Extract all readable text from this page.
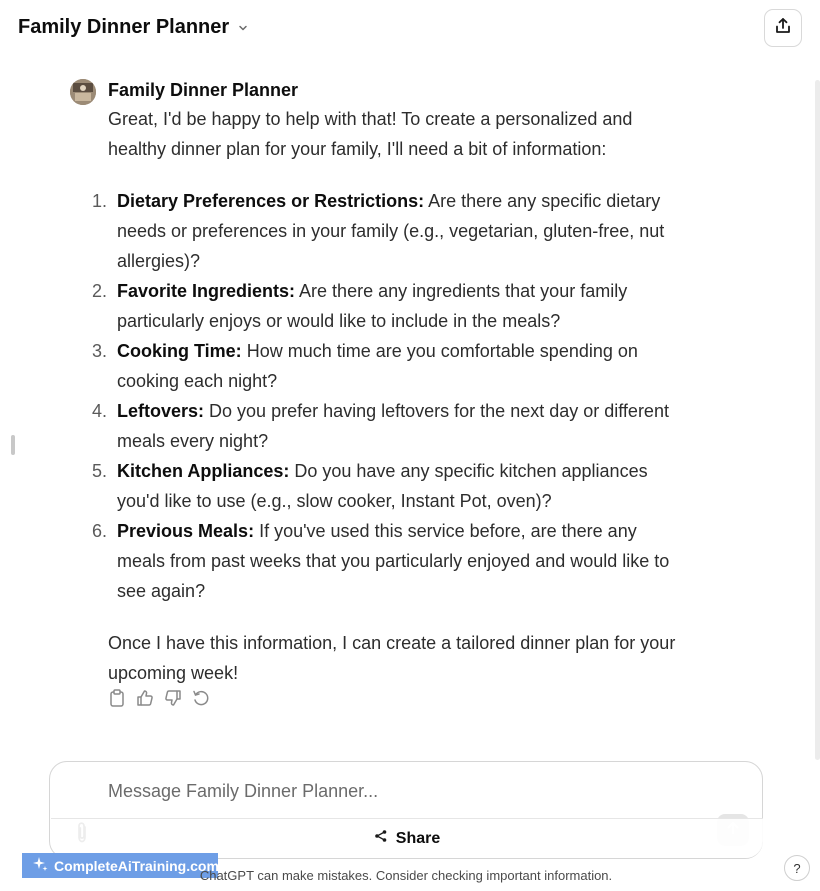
Family Dinner Planner
Family Dinner Planner

Great, I'd be happy to help with that! To create a personalized and healthy dinner plan for your family, I'll need a bit of information:

1. Dietary Preferences or Restrictions: Are there any specific dietary needs or preferences in your family (e.g., vegetarian, gluten-free, nut allergies)?
2. Favorite Ingredients: Are there any ingredients that your family particularly enjoys or would like to include in the meals?
3. Cooking Time: How much time are you comfortable spending on cooking each night?
4. Leftovers: Do you prefer having leftovers for the next day or different meals every night?
5. Kitchen Appliances: Do you have any specific kitchen appliances you'd like to use (e.g., slow cooker, Instant Pot, oven)?
6. Previous Meals: If you've used this service before, are there any meals from past weeks that you particularly enjoyed and would like to see again?

Once I have this information, I can create a tailored dinner plan for your upcoming week!

Message Family Dinner Planner...
Share
CompleteAiTraining.com
ChatGPT can make mistakes. Consider checking important information.	?
